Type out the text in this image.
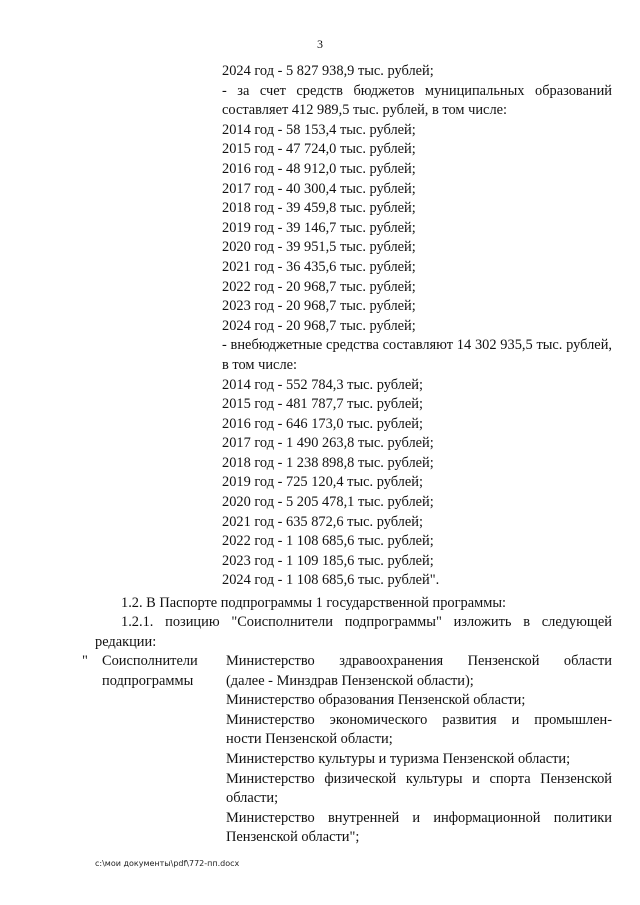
3
2024 год - 5 827 938,9 тыс. рублей;
- за счет средств бюджетов муниципальных образований
составляет 412 989,5 тыс. рублей, в том числе:
2014 год - 58 153,4 тыс. рублей;
2015 год - 47 724,0 тыс. рублей;
2016 год - 48 912,0 тыс. рублей;
2017 год - 40 300,4 тыс. рублей;
2018 год - 39 459,8 тыс. рублей;
2019 год - 39 146,7 тыс. рублей;
2020 год - 39 951,5 тыс. рублей;
2021 год - 36 435,6 тыс. рублей;
2022 год - 20 968,7 тыс. рублей;
2023 год - 20 968,7 тыс. рублей;
2024 год - 20 968,7 тыс. рублей;
- внебюджетные средства составляют 14 302 935,5 тыс. рублей,
в том числе:
2014 год - 552 784,3 тыс. рублей;
2015 год - 481 787,7 тыс. рублей;
2016 год - 646 173,0 тыс. рублей;
2017 год - 1 490 263,8 тыс. рублей;
2018 год - 1 238 898,8 тыс. рублей;
2019 год - 725 120,4 тыс. рублей;
2020 год - 5 205 478,1 тыс. рублей;
2021 год - 635 872,6 тыс. рублей;
2022 год - 1 108 685,6 тыс. рублей;
2023 год - 1 109 185,6 тыс. рублей;
2024 год - 1 108 685,6 тыс. рублей".
1.2. В Паспорте подпрограммы 1 государственной программы:
1.2.1. позицию "Соисполнители подпрограммы" изложить в следующей
редакции:
" Соисполнители
подпрограммы
Министерство здравоохранения Пензенской области
(далее - Минздрав Пензенской области);
Министерство образования Пензенской области;
Министерство экономического развития и промышлен-
ности Пензенской области;
Министерство культуры и туризма Пензенской области;
Министерство физической культуры и спорта Пензенской
области;
Министерство внутренней и информационной политики
Пензенской области";
c:\мои документы\pdf\772-пп.docx
